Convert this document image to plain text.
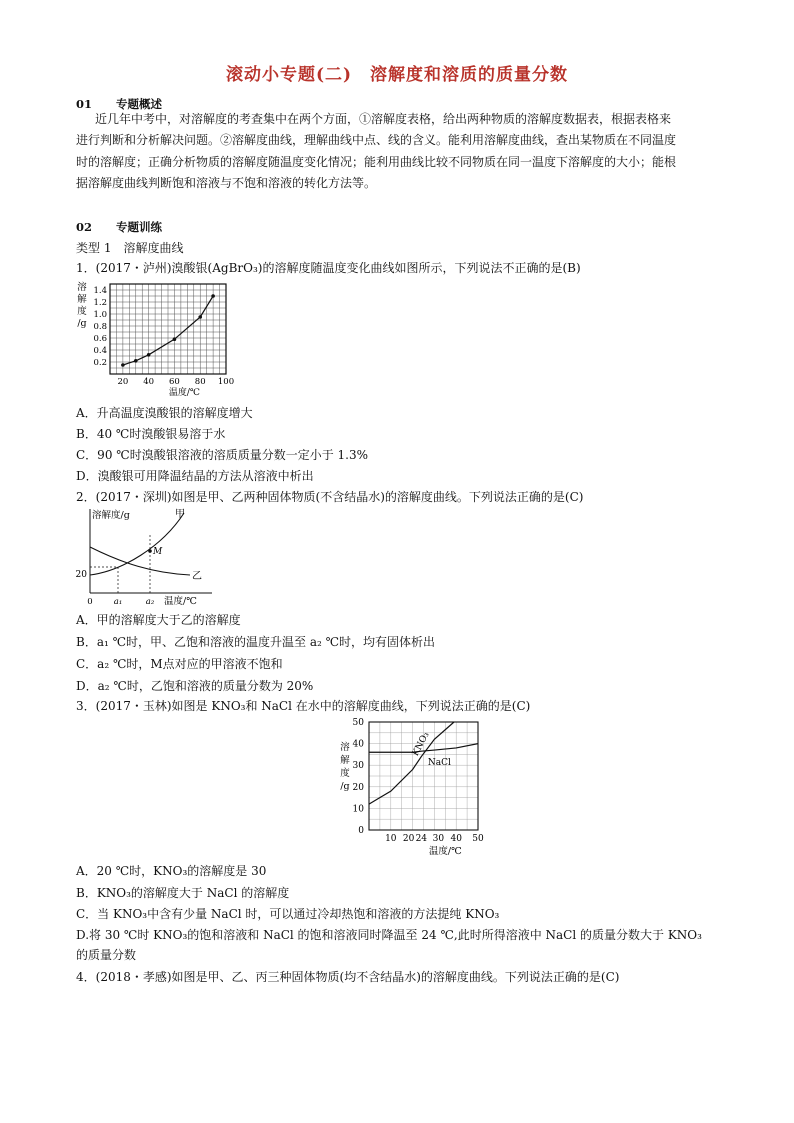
滚动小专题(二)　溶解度和溶质的质量分数
01 专题概述
近几年中考中，对溶解度的考查集中在两个方面，①溶解度表格，给出两种物质的溶解度数据表，根据表格来
进行判断和分析解决问题。②溶解度曲线，理解曲线中点、线的含义。能利用溶解度曲线，查出某物质在不同温度
时的溶解度；正确分析物质的溶解度随温度变化情况；能利用曲线比较不同物质在同一温度下溶解度的大小；能根
据溶解度曲线判断饱和溶液与不饱和溶液的转化方法等。
02 专题训练
类型 1　溶解度曲线
1．(2017・泸州)溴酸银(AgBrO₃)的溶解度随温度变化曲线如图所示，下列说法不正确的是(B)
0.2
0.4
0.6
0.8
1.0
1.2
1.4
20 40 60 80 100
溶
解
度
/g
温度/℃
A．升高温度溴酸银的溶解度增大
B．40 ℃时溴酸银易溶于水
C．90 ℃时溴酸银溶液的溶质质量分数一定小于 1.3%
D．溴酸银可用降温结晶的方法从溶液中析出
2．(2017・深圳)如图是甲、乙两种固体物质(不含结晶水)的溶解度曲线。下列说法正确的是(C)
溶解度/g
温度/℃
20
0 a₁	a₂
M
甲
乙
A．甲的溶解度大于乙的溶解度
B．a₁ ℃时，甲、乙饱和溶液的温度升温至 a₂ ℃时，均有固体析出
C．a₂ ℃时，M点对应的甲溶液不饱和
D．a₂ ℃时，乙饱和溶液的质量分数为 20%
3．(2017・玉林)如图是 KNO₃和 NaCl 在水中的溶解度曲线，下列说法正确的是(C)
0
10
20
30
40
50
10 20 24 30 40 50
溶
解
度
/g
温度/℃
KNO₃
NaCl
A．20 ℃时，KNO₃的溶解度是 30
B．KNO₃的溶解度大于 NaCl 的溶解度
C．当 KNO₃中含有少量 NaCl 时，可以通过冷却热饱和溶液的方法提纯 KNO₃
D.将 30 ℃时 KNO₃的饱和溶液和 NaCl 的饱和溶液同时降温至 24 ℃,此时所得溶液中 NaCl 的质量分数大于 KNO₃
的质量分数
4．(2018・孝感)如图是甲、乙、丙三种固体物质(均不含结晶水)的溶解度曲线。下列说法正确的是(C)
